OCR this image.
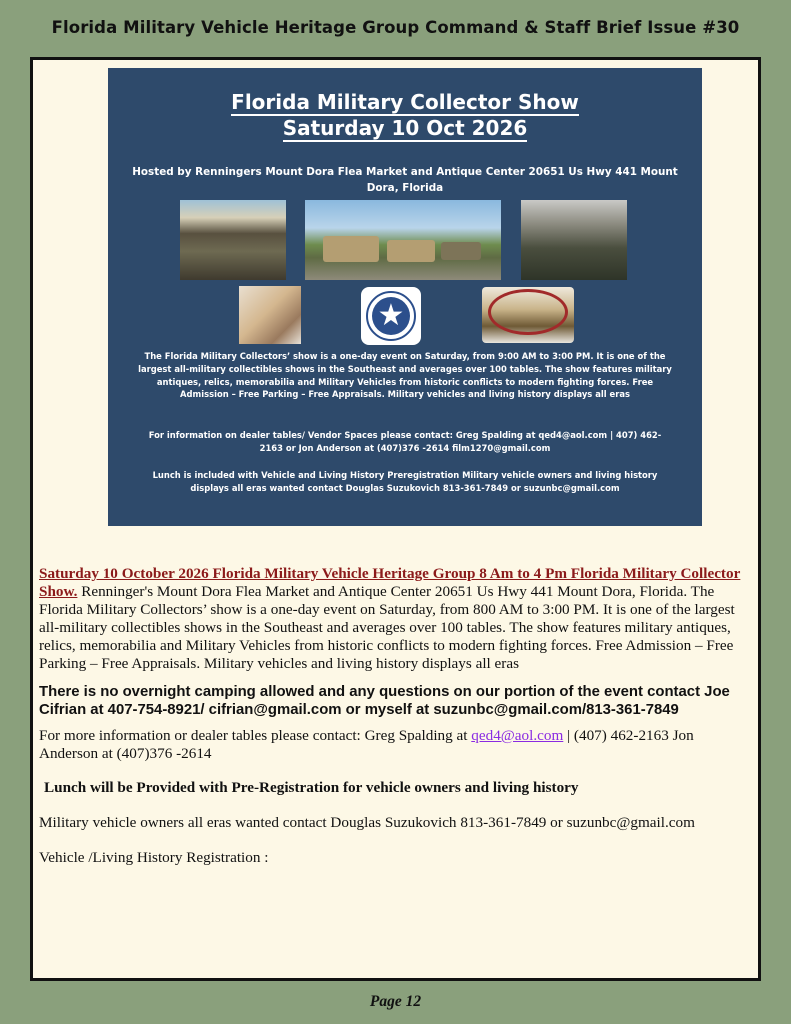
Florida Military Vehicle Heritage Group Command & Staff Brief Issue #30
Florida Military Collector Show
Saturday 10 Oct 2026
Hosted by Renningers Mount Dora Flea Market and Antique Center 20651 Us Hwy 441 Mount Dora, Florida
★
The Florida Military Collectors’ show is a one-day event on Saturday, from 9:00 AM to 3:00 PM. It is one of the largest all-military collectibles shows in the Southeast and averages over 100 tables. The show features military antiques, relics, memorabilia and Military Vehicles from historic conflicts to modern fighting forces. Free Admission – Free Parking – Free Appraisals. Military vehicles and living history displays all eras
For information on dealer tables/ Vendor Spaces please contact: Greg Spalding at qed4@aol.com | 407) 462- 2163 or Jon Anderson at (407)376 -2614 film1270@gmail.com
Lunch is included with Vehicle and Living History Preregistration Military vehicle owners and living history displays all eras wanted contact Douglas Suzukovich 813-361-7849 or suzunbc@gmail.com

Saturday 10 October 2026 Florida Military Vehicle Heritage Group 8 Am to 4 Pm Florida Military Collector Show. Renninger's Mount Dora Flea Market and Antique Center 20651 Us Hwy 441 Mount Dora, Florida. The Florida Military Collectors’ show is a one-day event on Saturday, from 800 AM to 3:00 PM. It is one of the largest all-military collectibles shows in the Southeast and averages over 100 tables. The show features military antiques, relics, memorabilia and Military Vehicles from historic conflicts to modern fighting forces. Free Admission – Free Parking – Free Appraisals. Military vehicles and living history displays all eras

There is no overnight camping allowed and any questions on our portion of the event contact Joe Cifrian at 407-754-8921/ cifrian@gmail.com or myself at suzunbc@gmail.com/813-361-7849

For more information or dealer tables please contact: Greg Spalding at qed4@aol.com | (407) 462-2163 Jon Anderson at (407)376 -2614

Lunch will be Provided with Pre-Registration for vehicle owners and living history

Military vehicle owners all eras wanted contact Douglas Suzukovich 813-361-7849 or suzunbc@gmail.com

Vehicle /Living History Registration :

Page 12
